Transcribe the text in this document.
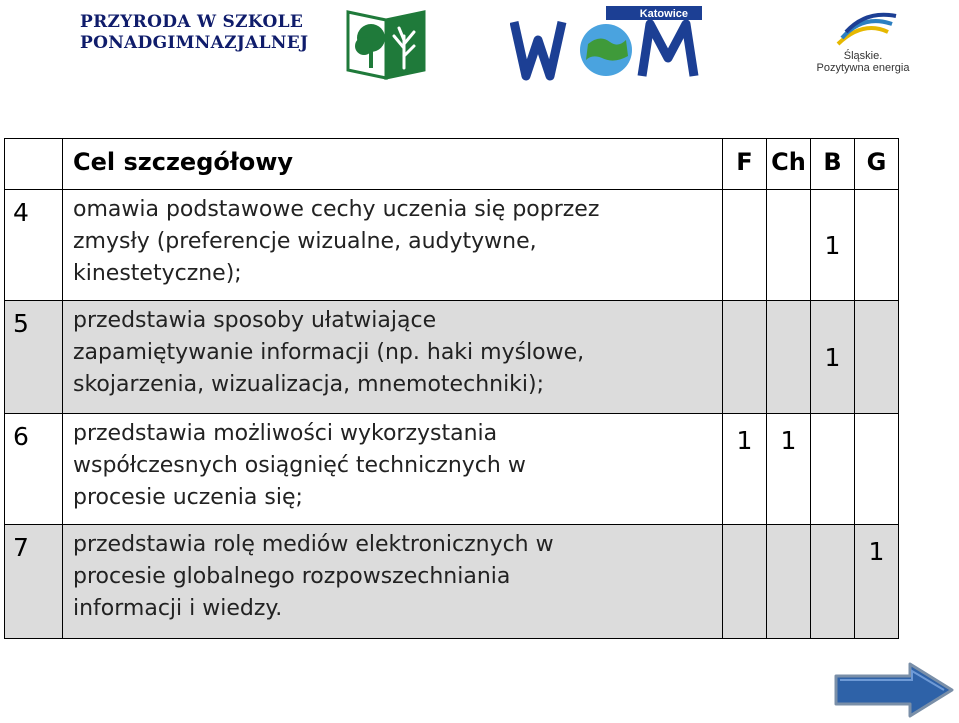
PRZYRODA W SZKOLE
PONADGIMNAZJALNEJ
Katowice
Śląskie.
Pozytywna energia
	Cel szczegółowy	F	Ch	B	G
4	omawia podstawowe cechy uczenia się poprzez
zmysły (preferencje wizualne, audytywne,
kinestetyczne);			1	
5	przedstawia sposoby ułatwiające
zapamiętywanie informacji (np. haki myślowe,
skojarzenia, wizualizacja, mnemotechniki);			1	
6	przedstawia możliwości wykorzystania
współczesnych osiągnięć technicznych w
procesie uczenia się;	1	1		
7	przedstawia rolę mediów elektronicznych w
procesie globalnego rozpowszechniania
informacji i wiedzy.				1
